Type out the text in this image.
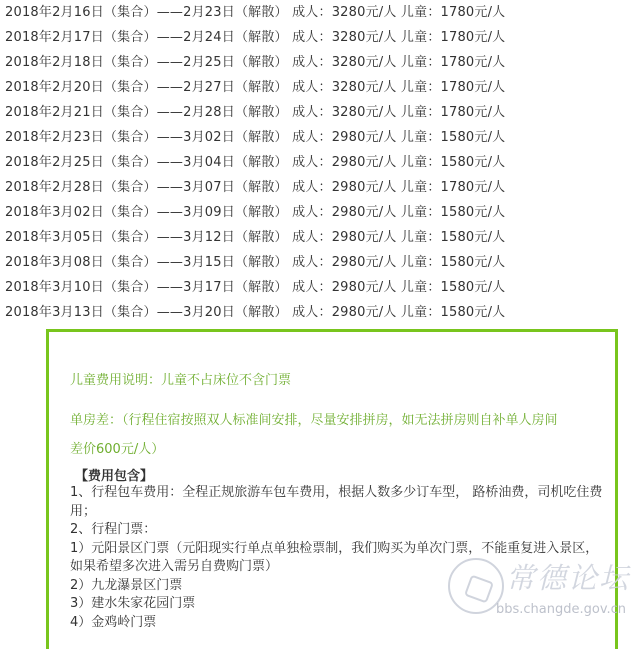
2018年2月16日（集合）——2月23日（解散） 成人：3280元/人 儿童：1780元/人
2018年2月17日（集合）——2月24日（解散） 成人：3280元/人 儿童：1780元/人
2018年2月18日（集合）——2月25日（解散） 成人：3280元/人 儿童：1780元/人
2018年2月20日（集合）——2月27日（解散） 成人：3280元/人 儿童：1780元/人
2018年2月21日（集合）——2月28日（解散） 成人：3280元/人 儿童：1780元/人
2018年2月23日（集合）——3月02日（解散） 成人：2980元/人 儿童：1580元/人
2018年2月25日（集合）——3月04日（解散） 成人：2980元/人 儿童：1580元/人
2018年2月28日（集合）——3月07日（解散） 成人：2980元/人 儿童：1780元/人
2018年3月02日（集合）——3月09日（解散） 成人：2980元/人 儿童：1580元/人
2018年3月05日（集合）——3月12日（解散） 成人：2980元/人 儿童：1580元/人
2018年3月08日（集合）——3月15日（解散） 成人：2980元/人 儿童：1580元/人
2018年3月10日（集合）——3月17日（解散） 成人：2980元/人 儿童：1580元/人
2018年3月13日（集合）——3月20日（解散） 成人：2980元/人 儿童：1580元/人
儿童费用说明：儿童不占床位不含门票
单房差：（行程住宿按照双人标准间安排，尽量安排拼房，如无法拼房则自补单人房间
差价600元/人）
【费用包含】
1、行程包车费用：全程正规旅游车包车费用，根据人数多少订车型， 路桥油费，司机吃住费用；
2、行程门票：
1）元阳景区门票（元阳现实行单点单独检票制，我们购买为单次门票，不能重复进入景区，如果希望多次进入需另自费购门票）
2）九龙瀑景区门票
3）建水朱家花园门票
4）金鸡岭门票
常德论坛
bbs.changde.gov.cn
